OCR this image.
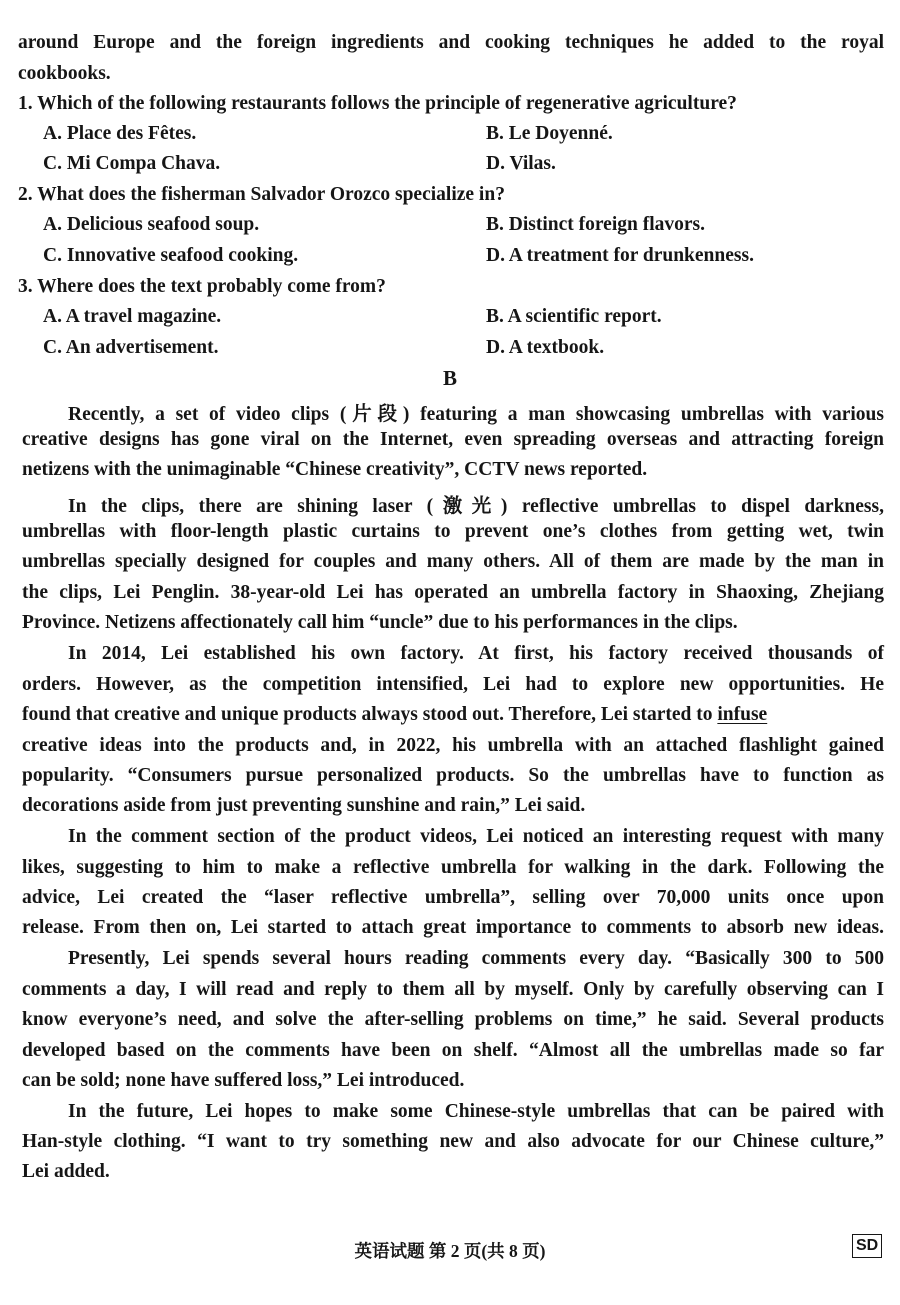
around Europe and the foreign ingredients and cooking techniques he added to the royal
cookbooks.
1. Which of the following restaurants follows the principle of regenerative agriculture?
A. Place des Fêtes.	B. Le Doyenné.
C. Mi Compa Chava.	D. Vilas.
2. What does the fisherman Salvador Orozco specialize in?
A. Delicious seafood soup.	B. Distinct foreign flavors.
C. Innovative seafood cooking.	D. A treatment for drunkenness.
3. Where does the text probably come from?
A. A travel magazine.	B. A scientific report.
C. An advertisement.	D. A textbook.
B
Recently, a set of video clips (片段) featuring a man showcasing umbrellas with various
creative designs has gone viral on the Internet, even spreading overseas and attracting foreign
netizens with the unimaginable “Chinese creativity”, CCTV news reported.
In the clips, there are shining laser (激光) reflective umbrellas to dispel darkness,
umbrellas with floor-length plastic curtains to prevent one’s clothes from getting wet, twin
umbrellas specially designed for couples and many others. All of them are made by the man in
the clips, Lei Penglin. 38-year-old Lei has operated an umbrella factory in Shaoxing, Zhejiang
Province. Netizens affectionately call him “uncle” due to his performances in the clips.
In 2014, Lei established his own factory. At first, his factory received thousands of
orders. However, as the competition intensified, Lei had to explore new opportunities. He
found that creative and unique products always stood out. Therefore, Lei started to infuse
creative ideas into the products and, in 2022, his umbrella with an attached flashlight gained
popularity. “Consumers pursue personalized products. So the umbrellas have to function as
decorations aside from just preventing sunshine and rain,” Lei said.
In the comment section of the product videos, Lei noticed an interesting request with many
likes, suggesting to him to make a reflective umbrella for walking in the dark. Following the
advice, Lei created the “laser reflective umbrella”, selling over 70,000 units once upon
release. From then on, Lei started to attach great importance to comments to absorb new ideas.
Presently, Lei spends several hours reading comments every day. “Basically 300 to 500
comments a day, I will read and reply to them all by myself. Only by carefully observing can I
know everyone’s need, and solve the after-selling problems on time,” he said. Several products
developed based on the comments have been on shelf. “Almost all the umbrellas made so far
can be sold; none have suffered loss,” Lei introduced.
In the future, Lei hopes to make some Chinese-style umbrellas that can be paired with
Han-style clothing. “I want to try something new and also advocate for our Chinese culture,”
Lei added.
英语试题 第 2 页(共 8 页)	SD
